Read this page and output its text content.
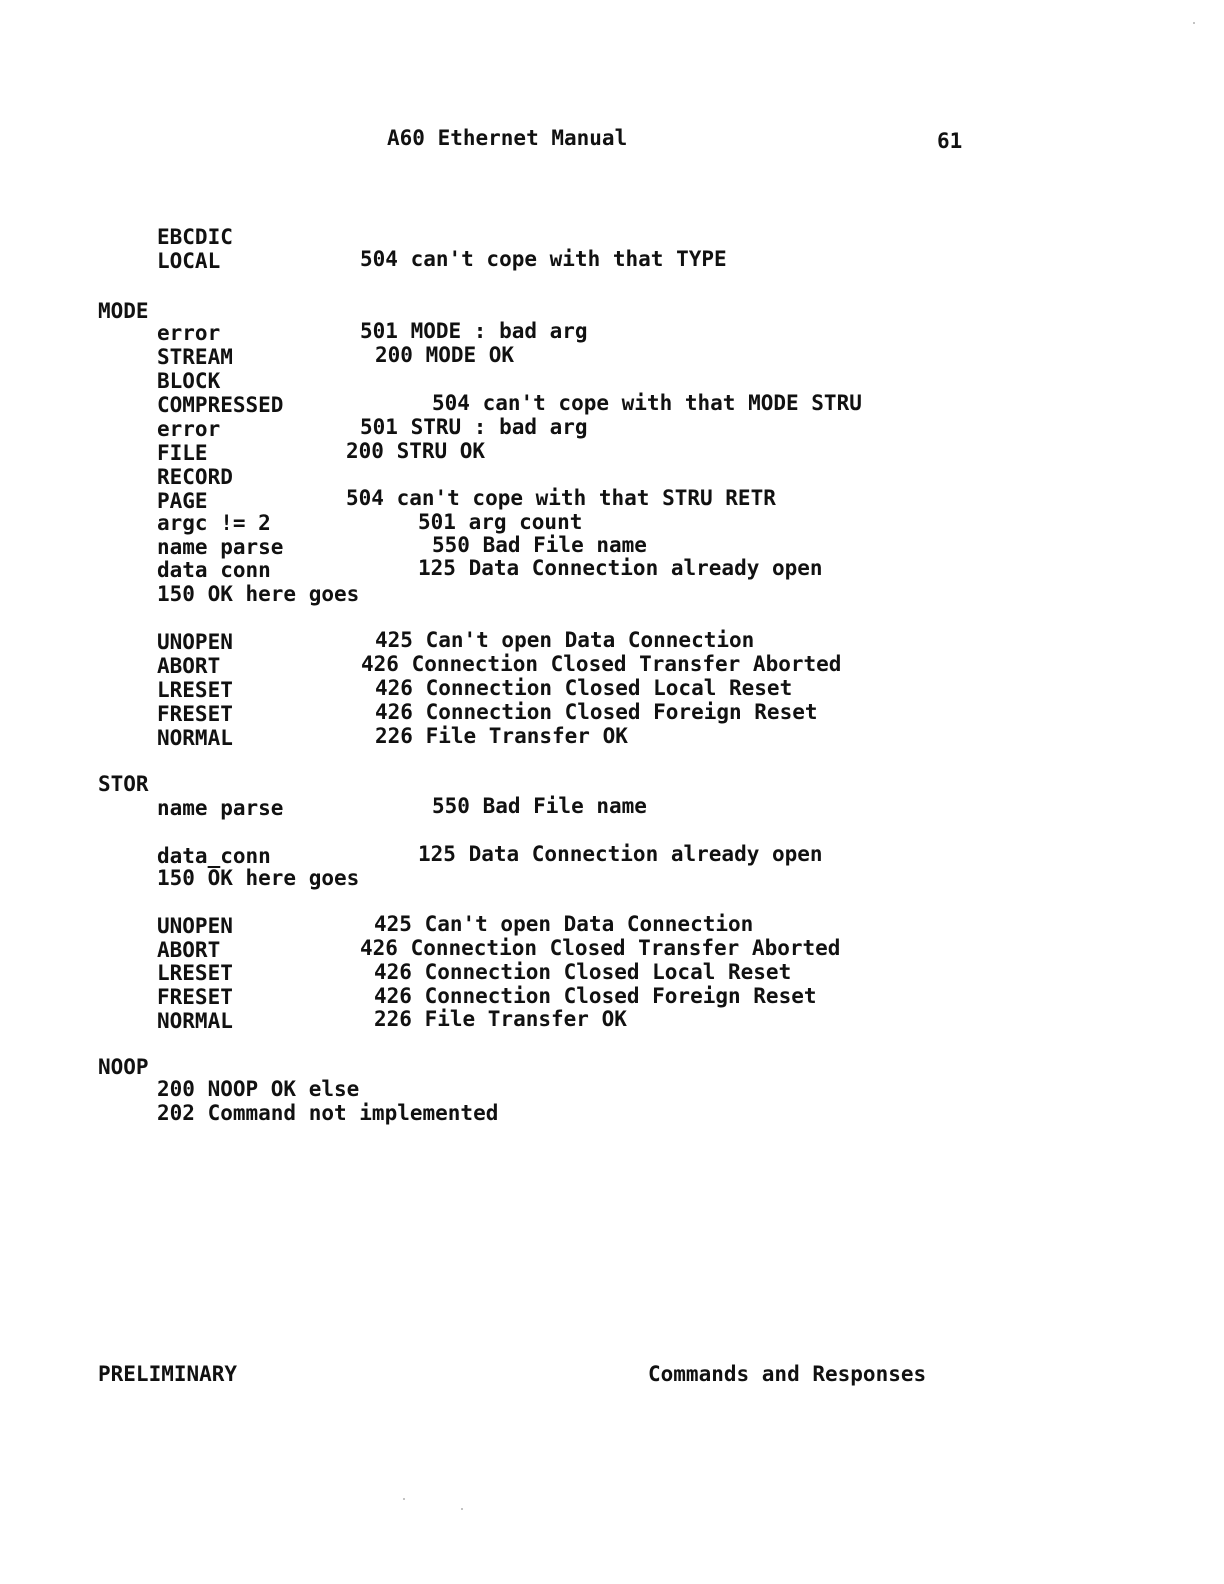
A60 Ethernet Manual	61
EBCDIC
LOCAL	504 can't cope with that TYPE
MODE
error	501 MODE : bad arg
STREAM	200 MODE OK
BLOCK
COMPRESSED	504 can't cope with that MODE STRU
error	501 STRU : bad arg
FILE	200 STRU OK
RECORD
PAGE	504 can't cope with that STRU RETR
argc != 2	501 arg count
name parse	550 Bad File name
data conn	125 Data Connection already open
150 OK here goes
UNOPEN	425 Can't open Data Connection
ABORT	426 Connection Closed Transfer Aborted
LRESET	426 Connection Closed Local Reset
FRESET	426 Connection Closed Foreign Reset
NORMAL	226 File Transfer OK
STOR
name parse	550 Bad File name
data_conn	125 Data Connection already open
150 OK here goes
UNOPEN	425 Can't open Data Connection
ABORT	426 Connection Closed Transfer Aborted
LRESET	426 Connection Closed Local Reset
FRESET	426 Connection Closed Foreign Reset
NORMAL	226 File Transfer OK
NOOP
200 NOOP OK else
202 Command not implemented
PRELIMINARY	Commands and Responses
